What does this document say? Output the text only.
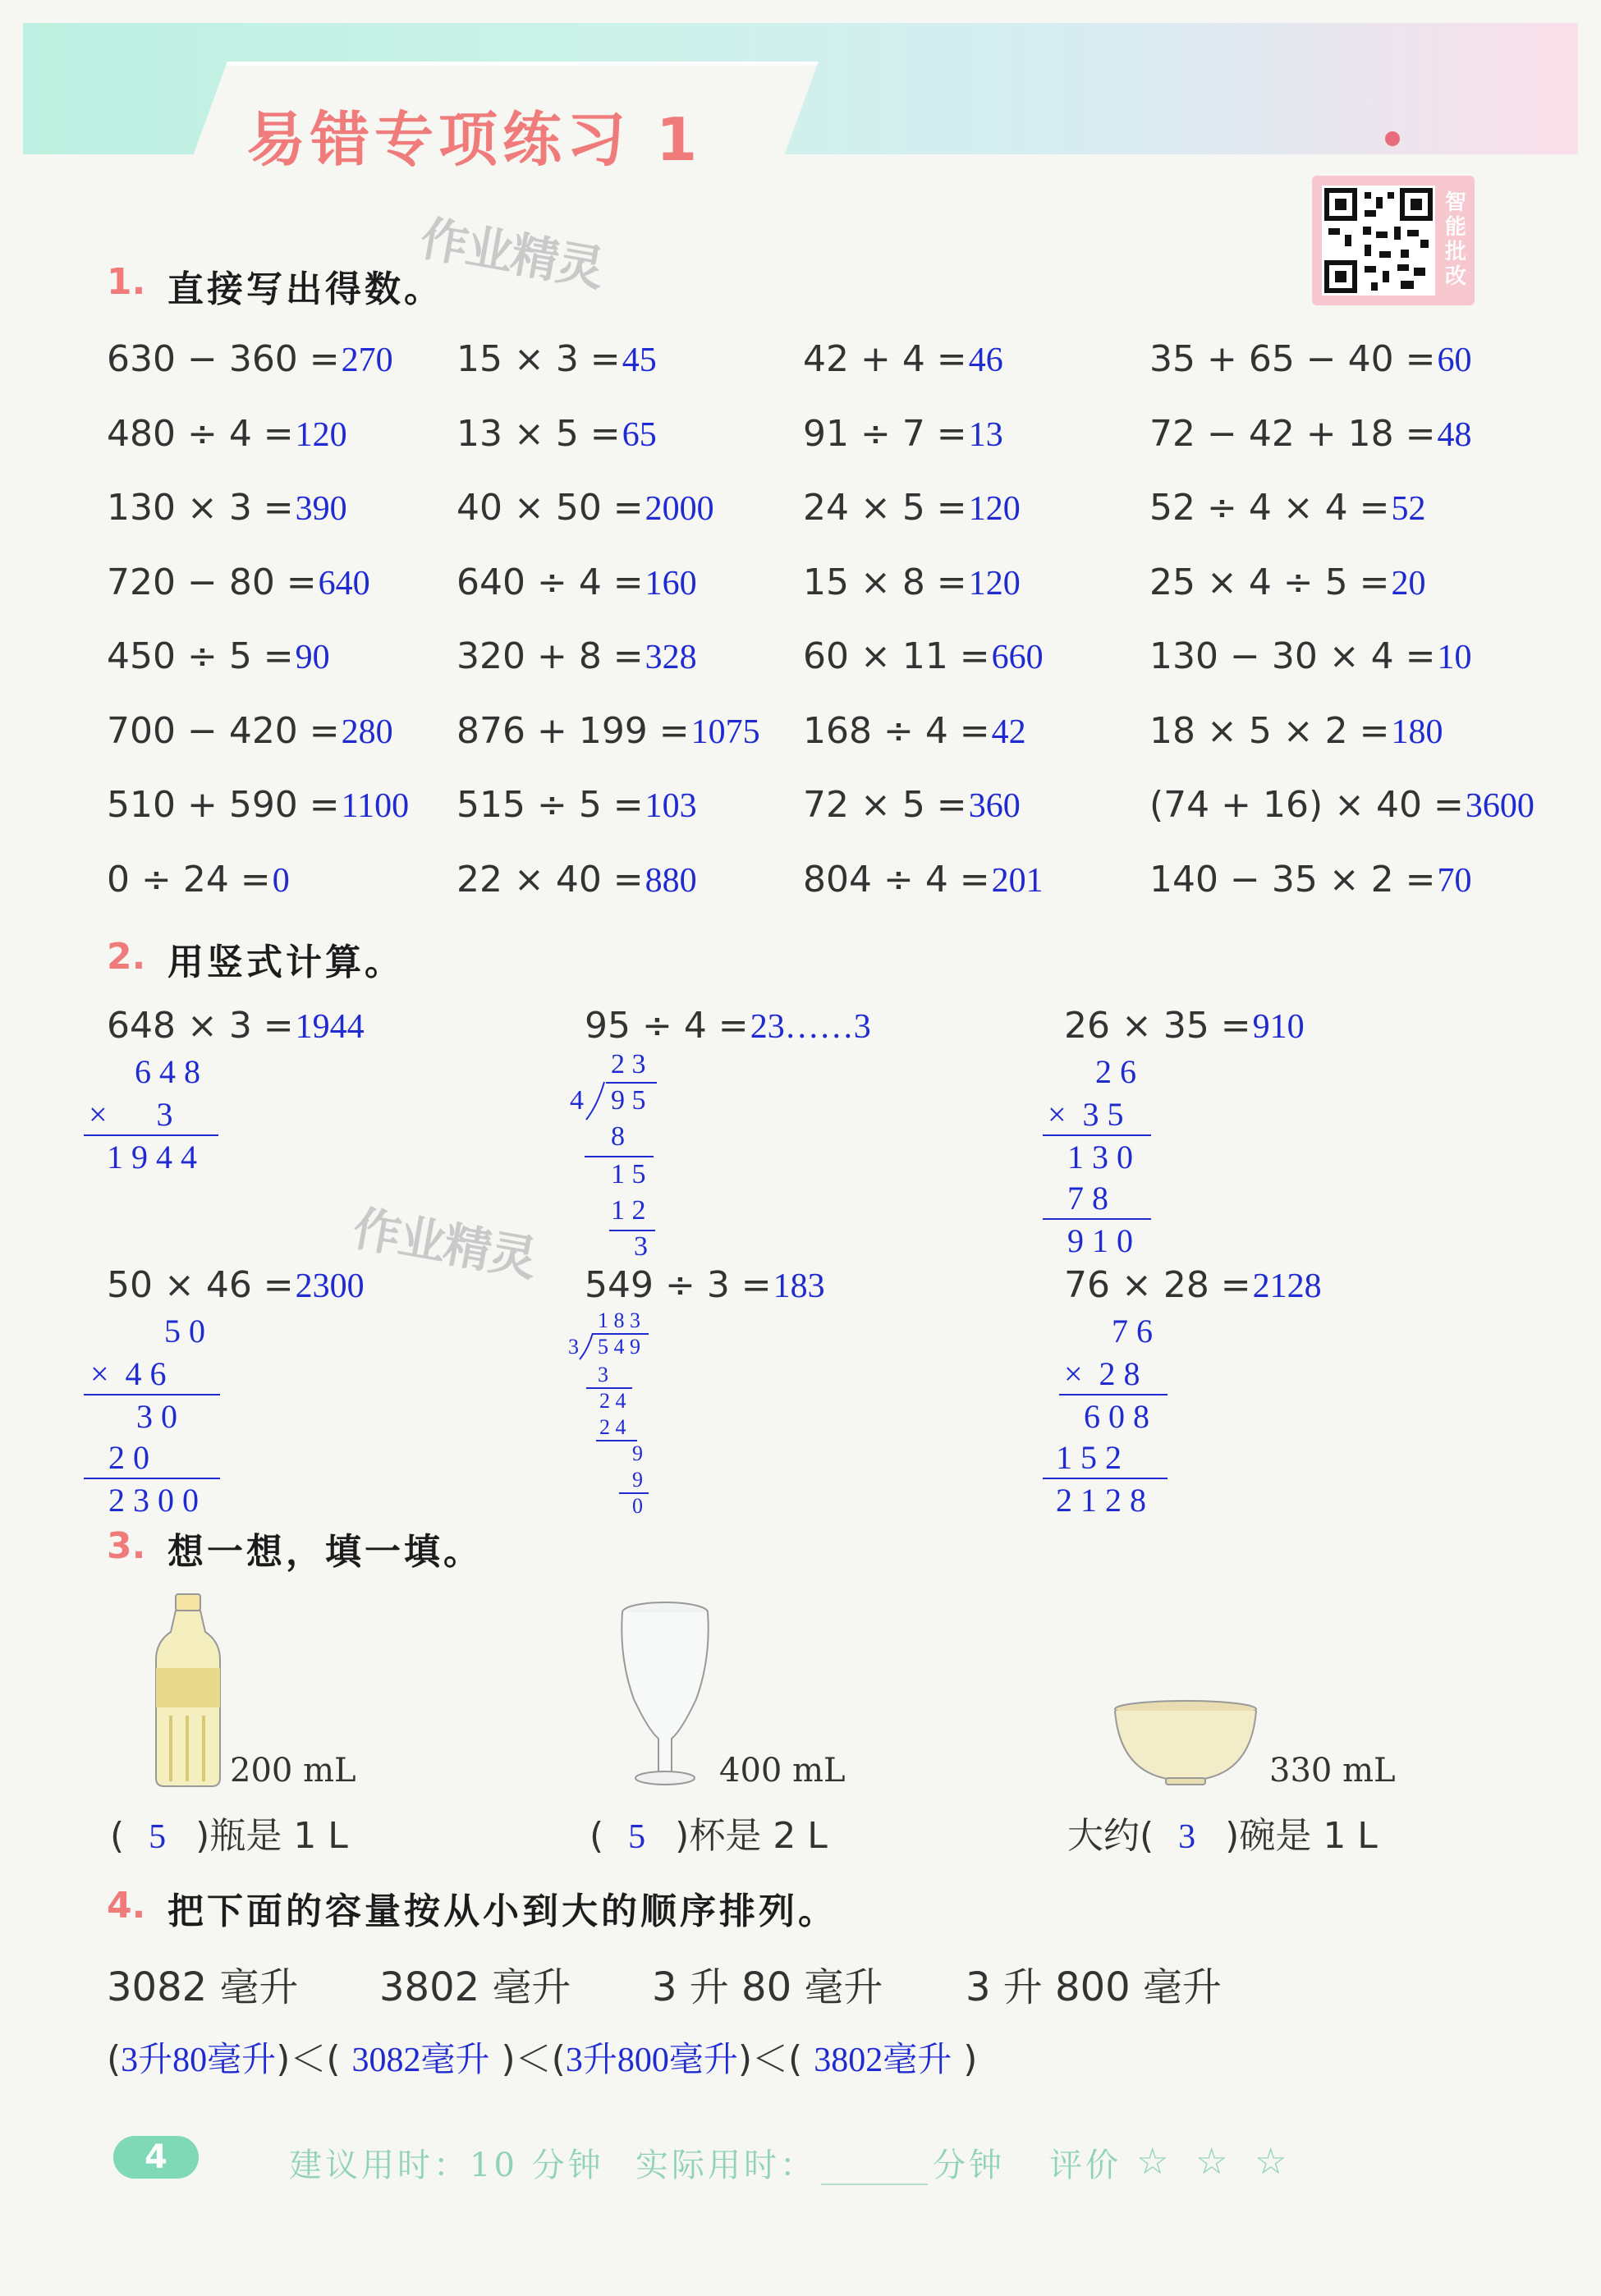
易错专项练习 1
智
能
批
改
作业精灵
作业精灵
1. 直接写出得数。
630 − 360 =270 15 × 3 =45	42 + 4 =46	35 + 65 − 40 =60
480 ÷ 4 =120	13 × 5 =65	91 ÷ 7 =13	72 − 42 + 18 =48
130 × 3 =390	40 × 50 =2000 24 × 5 =120	52 ÷ 4 × 4 =52
720 − 80 =640 640 ÷ 4 =160	15 × 8 =120	25 × 4 ÷ 5 =20
450 ÷ 5 =90	320 + 8 =328	60 × 11 =660	130 − 30 × 4 =10
700 − 420 =280 876 + 199 =1075 168 ÷ 4 =42	18 × 5 × 2 =180
510 + 590 =1100 515 ÷ 5 =103	72 × 5 =360	(74 + 16) × 40 =3600
0 ÷ 24 =0	22 × 40 =880	804 ÷ 4 =201	140 − 35 × 2 =70
2. 用竖式计算。
648 × 3 =1944	95 ÷ 4 =23……3	26 × 35 =910
50 × 46 =2300	549 ÷ 3 =183	76 × 28 =2128
6 4 8
×      3
1 9 4 4
2 3
4 9 5
8
1 5
1 2
3
2 6
×  3 5
1 3 0
7 8
9 1 0
5 0
×  4 6
3 0
2 0
2 3 0 0
1 8 3
3 5 4 9
3
2 4
2 4
9
9
0
7 6
×  2 8
6 0 8
1 5 2
2 1 2 8
3. 想一想，填一填。
200 mL	400 mL	330 mL
( 5 )瓶是 1 L	( 5 )杯是 2 L	大约( 3 )碗是 1 L
4. 把下面的容量按从小到大的顺序排列。
3082 毫升 3802 毫升 3 升 80 毫升 3 升 800 毫升
(3升80毫升)＜( 3082毫升 )＜(3升800毫升)＜( 3802毫升 )
4	建议用时：10 分钟 实际用时：	分钟 评价 ☆ ☆ ☆
